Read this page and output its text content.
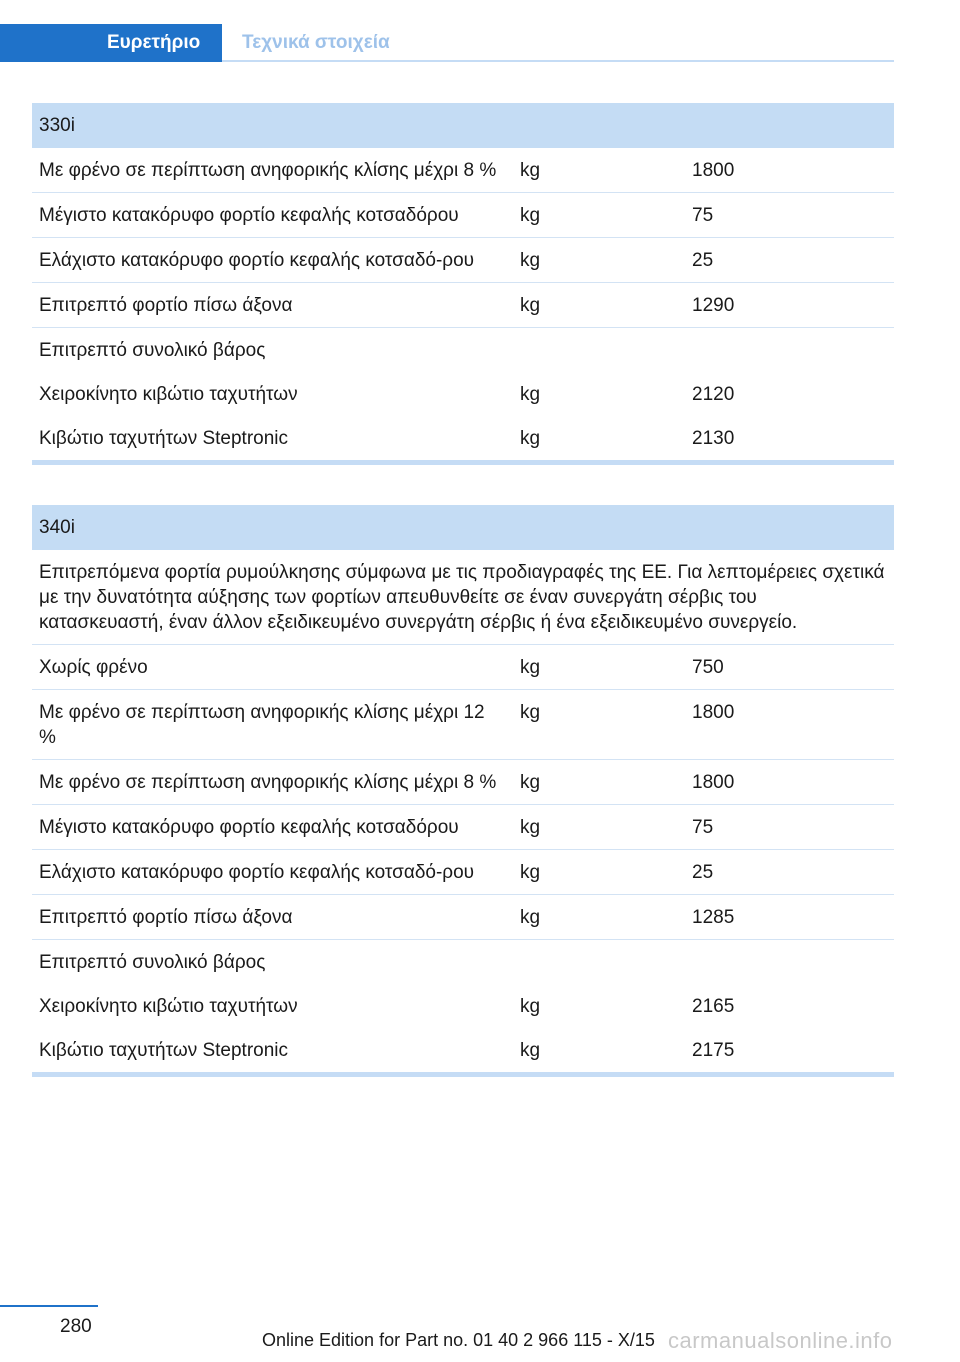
Ευρετήριο	Τεχνικά στοιχεία
330i		
Με φρένο σε περίπτωση ανηφορικής κλίσης μέχρι 8 %	kg	1800
Μέγιστο κατακόρυφο φορτίο κεφαλής κοτσαδόρου	kg	75
Ελάχιστο κατακόρυφο φορτίο κεφαλής κοτσαδό-ρου	kg	25
Επιτρεπτό φορτίο πίσω άξονα	kg	1290
Επιτρεπτό συνολικό βάρος		
Χειροκίνητο κιβώτιο ταχυτήτων	kg	2120
Κιβώτιο ταχυτήτων Steptronic	kg	2130
340i		
Επιτρεπόμενα φορτία ρυμούλκησης σύμφωνα με τις προδιαγραφές της ΕΕ. Για λεπτομέρειες σχετικά με την δυνατότητα αύξησης των φορτίων απευθυνθείτε σε έναν συνεργάτη σέρβις του κατασκευαστή, έναν άλλον εξειδικευμένο συνεργάτη σέρβις ή ένα εξειδικευμένο συνεργείο.		
Χωρίς φρένο	kg	750
Με φρένο σε περίπτωση ανηφορικής κλίσης μέχρι 12 %	kg	1800
Με φρένο σε περίπτωση ανηφορικής κλίσης μέχρι 8 %	kg	1800
Μέγιστο κατακόρυφο φορτίο κεφαλής κοτσαδόρου	kg	75
Ελάχιστο κατακόρυφο φορτίο κεφαλής κοτσαδό-ρου	kg	25
Επιτρεπτό φορτίο πίσω άξονα	kg	1285
Επιτρεπτό συνολικό βάρος		
Χειροκίνητο κιβώτιο ταχυτήτων	kg	2165
Κιβώτιο ταχυτήτων Steptronic	kg	2175
280
Online Edition for Part no. 01 40 2 966 115 - X/15 carmanualsonline.info
